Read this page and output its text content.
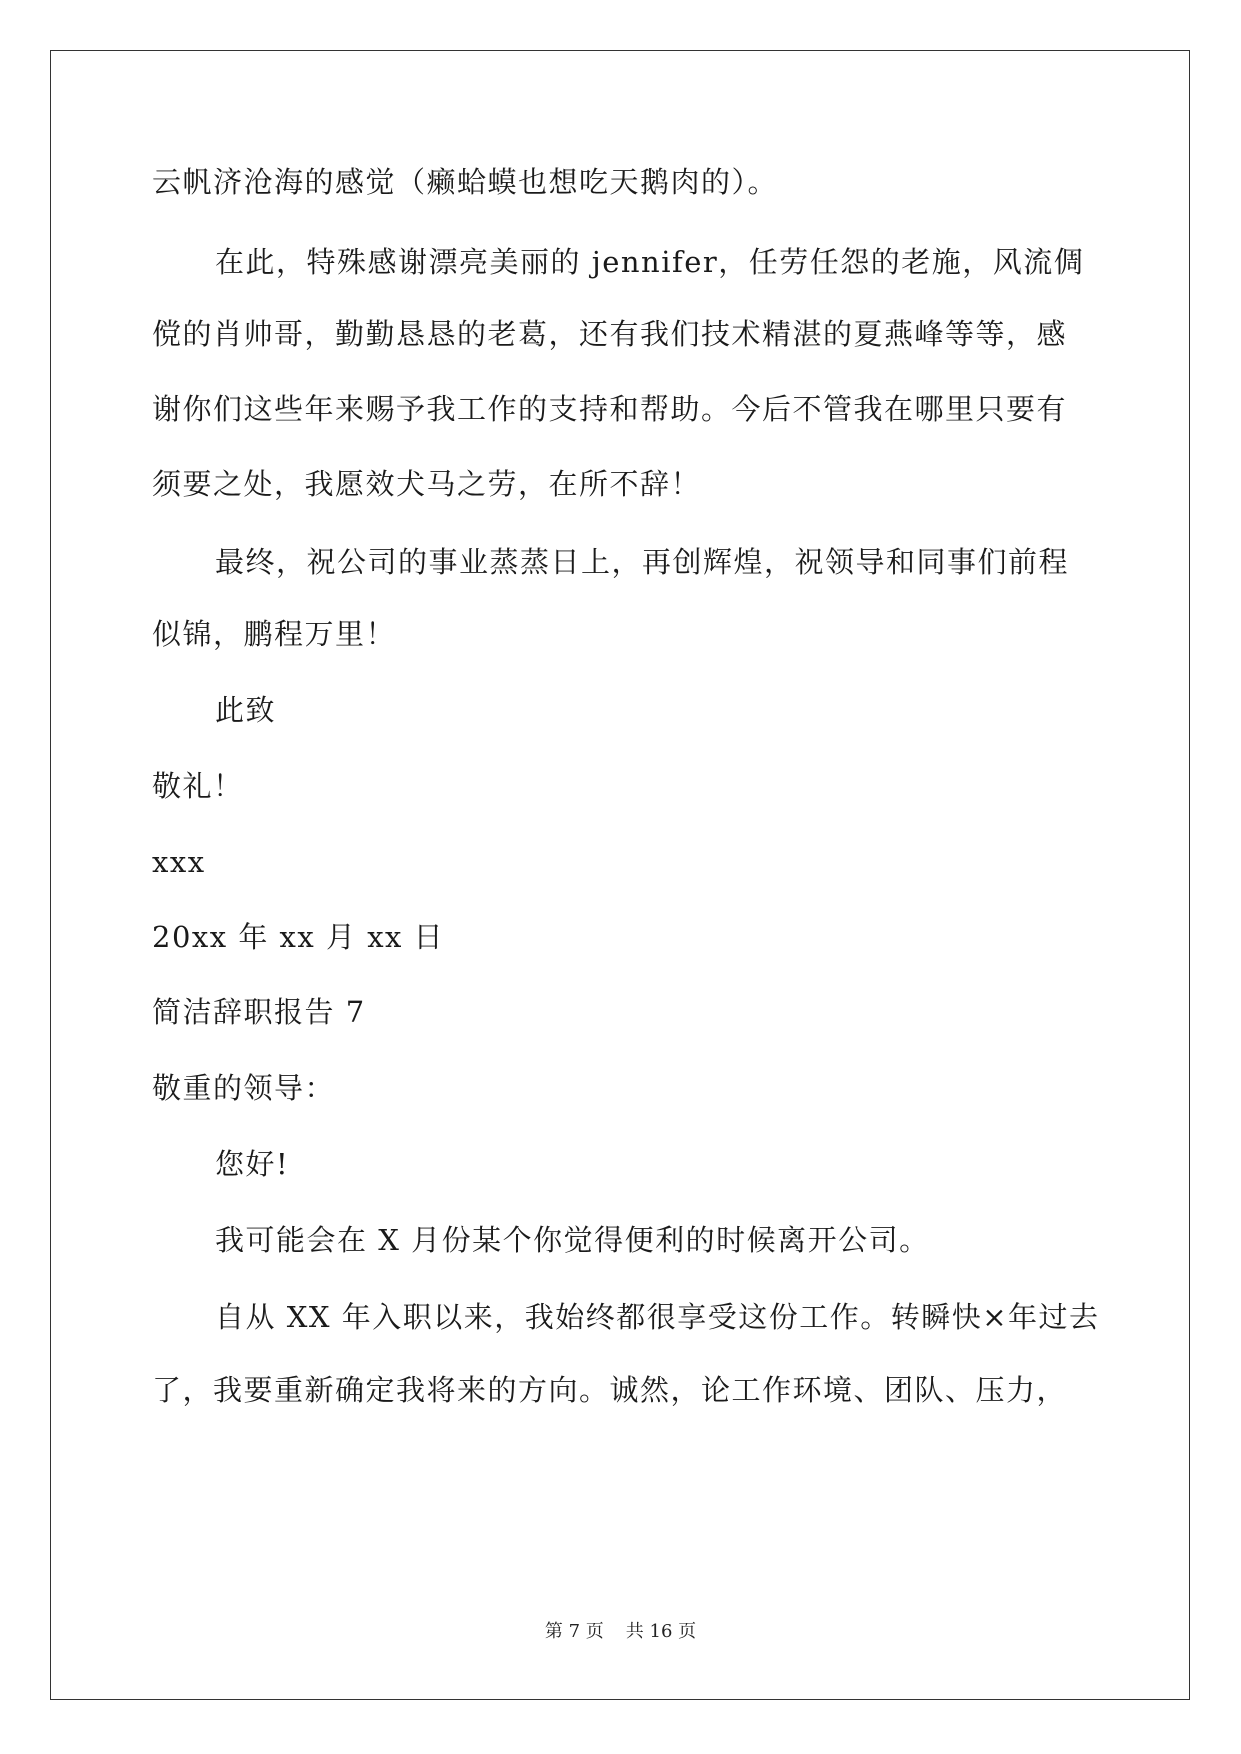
云帆济沧海的感觉（癞蛤蟆也想吃天鹅肉的）。
在此，特殊感谢漂亮美丽的 jennifer，任劳任怨的老施，风流倜
傥的肖帅哥，勤勤恳恳的老葛，还有我们技术精湛的夏燕峰等等，感
谢你们这些年来赐予我工作的支持和帮助。今后不管我在哪里只要有
须要之处，我愿效犬马之劳，在所不辞！
最终，祝公司的事业蒸蒸日上，再创辉煌，祝领导和同事们前程
似锦，鹏程万里！
此致
敬礼！
xxx
20xx 年 xx 月 xx 日
简洁辞职报告 7
敬重的领导：
您好!
我可能会在 X 月份某个你觉得便利的时候离开公司。
自从 XX 年入职以来，我始终都很享受这份工作。转瞬快×年过去
了，我要重新确定我将来的方向。诚然，论工作环境、团队、压力，
第 7 页 共 16 页
